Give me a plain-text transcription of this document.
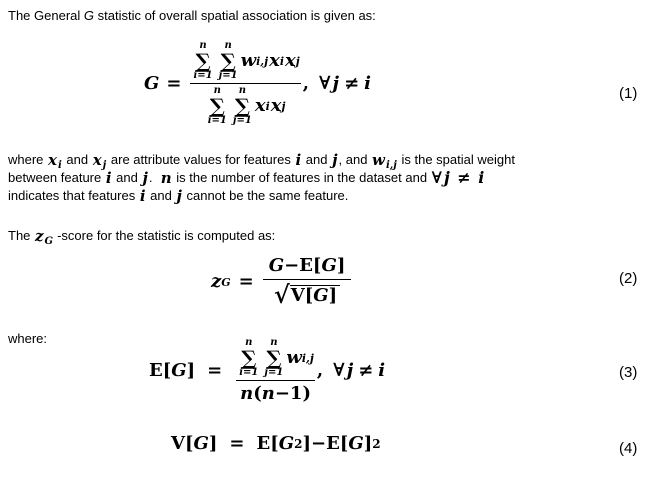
The General G statistic of overall spatial association is given as:

G =
n
∑
i=1
n
∑
j=1
w i,j x i x j
n
∑
i=1
n
∑
j=1
x i x j
, ∀ j ≠ i	(1)

where $x_i$ and $x_j$ are attribute values for features i and j, and $w_{i,j}$ is the spatial weight

between feature i and j.  n is the number of features in the dataset and ∀ j ≠ i

indicates that features i and j cannot be the same feature.

The $z_G$ -score for the statistic is computed as:

z $G = \frac{G - E[ G ]}{√ V[G]}$	(2)

where:

E[ G ] =
n
∑
i=1
n
∑
j=1
w i,j
n ( n − 1 )
, ∀ j ≠ i	(3)
V[ G ] = E[ G 2 ] − E[ G ] 2	(4)
